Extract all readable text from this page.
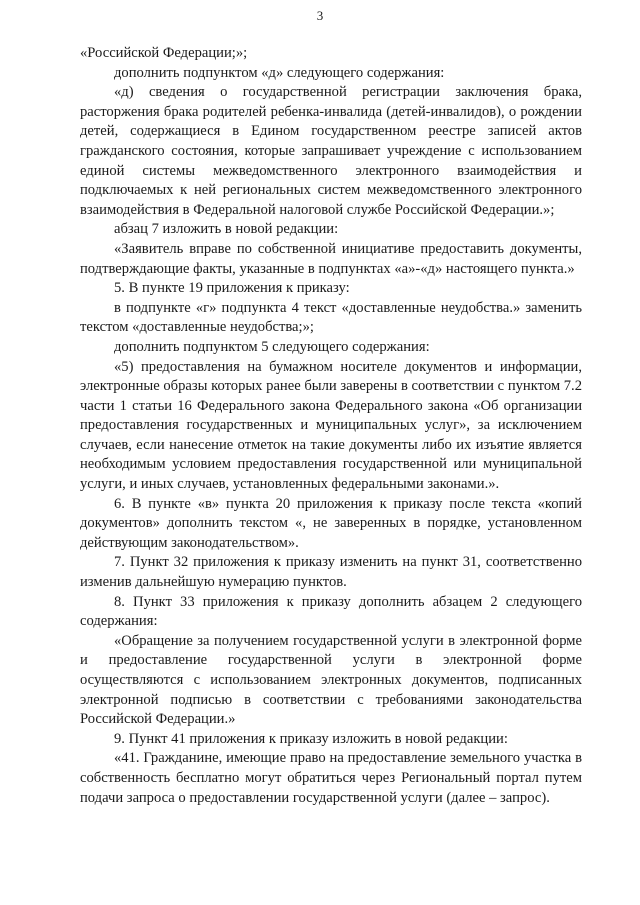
3

«Российской Федерации;»;

дополнить подпунктом «д» следующего содержания:

«д) сведения о государственной регистрации заключения брака, расторжения брака родителей ребенка-инвалида (детей-инвалидов), о рождении детей, содержащиеся в Едином государственном реестре записей актов гражданского состояния, которые запрашивает учреждение с использованием единой системы межведомственного электронного взаимодействия и подключаемых к ней региональных систем межведомственного электронного взаимодействия в Федеральной налоговой службе Российской Федерации.»;

абзац 7 изложить в новой редакции:

«Заявитель вправе по собственной инициативе предоставить документы, подтверждающие факты, указанные в подпунктах «а»-«д» настоящего пункта.»

5. В пункте 19 приложения к приказу:

в подпункте «г» подпункта 4 текст «доставленные неудобства.» заменить текстом «доставленные неудобства;»;

дополнить подпунктом 5 следующего содержания:

«5) предоставления на бумажном носителе документов и информации, электронные образы которых ранее были заверены в соответствии с пунктом 7.2 части 1 статьи 16 Федерального закона Федерального закона «Об организации предоставления государственных и муниципальных услуг», за исключением случаев, если нанесение отметок на такие документы либо их изъятие является необходимым условием предоставления государственной или муниципальной услуги, и иных случаев, установленных федеральными законами.».

6. В пункте «в» пункта 20 приложения к приказу после текста «копий документов» дополнить текстом «, не заверенных в порядке, установленном действующим законодательством».

7. Пункт 32 приложения к приказу изменить на пункт 31, соответственно изменив дальнейшую нумерацию пунктов.

8. Пункт 33 приложения к приказу дополнить абзацем 2 следующего содержания:

«Обращение за получением государственной услуги в электронной форме и предоставление государственной услуги в электронной форме осуществляются с использованием электронных документов, подписанных электронной подписью в соответствии с требованиями законодательства Российской Федерации.»

9. Пункт 41 приложения к приказу изложить в новой редакции:

«41. Гражданине, имеющие право на предоставление земельного участка в собственность бесплатно могут обратиться через Региональный портал путем подачи запроса о предоставлении государственной услуги (далее – запрос).
